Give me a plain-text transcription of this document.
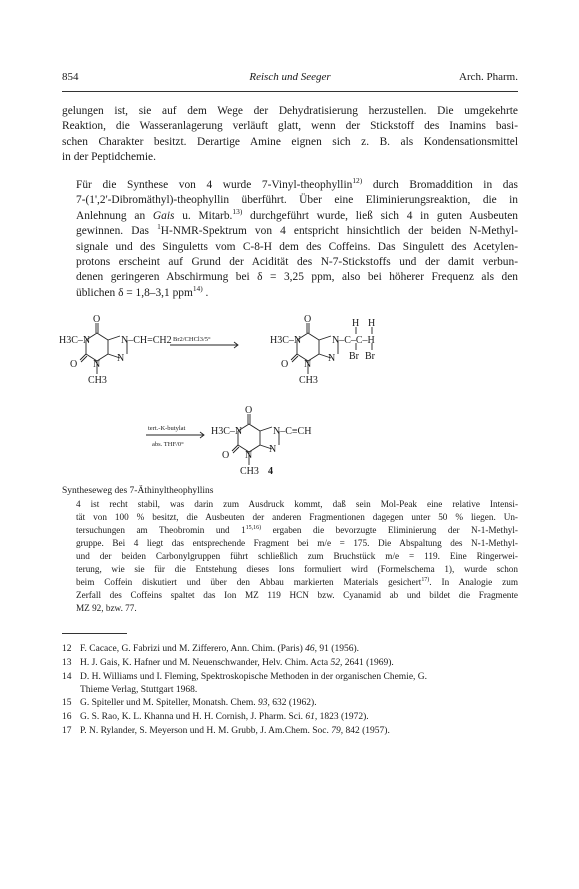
854	Reisch und Seeger	Arch. Pharm.
gelungen ist, sie auf dem Wege der Dehydratisierung herzustellen. Die umgekehrte
Reaktion, die Wasseranlagerung verläuft glatt, wenn der Stickstoff des Inamins basi-
schen Charakter besitzt. Derartige Amine eignen sich z. B. als Kondensationsmittel
in der Peptidchemie.
Für die Synthese von 4 wurde 7-Vinyl-theophyllin$^{12)}$ durch Bromaddition in das
7-(1',2'-Dibromäthyl)-theophyllin überführt. Über eine Eliminierungsreaktion, die in
Anlehnung an Gais u. Mitarb.$^{13)}$ durchgeführt wurde, ließ sich 4 in guten Ausbeuten
gewinnen. Das $^1$H-NMR-Spektrum von 4 entspricht hinsichtlich der beiden N-Methyl-
signale und des Singuletts vom C-8-H dem des Coffeins. Das Singulett des Acetylen-
protons erscheint auf Grund der Acidität des N-7-Stickstoffs und der damit verbun-
denen geringeren Abschirmung bei δ = 3,25 ppm, also bei höherer Frequenz als den
üblichen δ = 1,8–3,1 ppm$^{14)}$ .
O
H3C–N	N–CH=CH2
O N
N
CH3
Br2/CHCl3/5°
O
H3C–N	N–C–C–H
H H
Br Br
O N
N
CH3
tert.-K-butylat
abs. THF/0°
O
H3C–N	N–C≡CH
O N
N
CH3 4
Syntheseweg des 7-Äthinyltheophyllins
4 ist recht stabil, was darin zum Ausdruck kommt, daß sein Mol-Peak eine relative Intensi-
tät von 100 % besitzt, die Ausbeuten der anderen Fragmentionen dagegen unter 50 % liegen. Un-
tersuchungen am Theobromin und 1$^{15,16)}$ ergaben die bevorzugte Eliminierung der N-1-Methyl-
gruppe. Bei 4 liegt das entsprechende Fragment bei m/e = 175. Die Abspaltung des N-1-Methyl-
und der beiden Carbonylgruppen führt schließlich zum Bruchstück m/e = 119. Eine Ringerwei-
terung, wie sie für die Entstehung dieses Ions formuliert wird (Formelschema 1), wurde schon
beim Coffein diskutiert und über den Abbau markierten Materials gesichert$^{17)}$. In Analogie zum
Zerfall des Coffeins spaltet das Ion MZ 119 HCN bzw. Cyanamid ab und bildet die Fragmente
MZ 92, bzw. 77.
12 F. Cacace, G. Fabrizi und M. Zifferero, Ann. Chim. (Paris) 46, 91 (1956).
13 H. J. Gais, K. Hafner und M. Neuenschwander, Helv. Chim. Acta 52, 2641 (1969).
14 D. H. Williams und I. Fleming, Spektroskopische Methoden in der organischen Chemie, G.
Thieme Verlag, Stuttgart 1968.
15 G. Spiteller und M. Spiteller, Monatsh. Chem. 93, 632 (1962).
16 G. S. Rao, K. L. Khanna und H. H. Cornish, J. Pharm. Sci. 61, 1823 (1972).
17 P. N. Rylander, S. Meyerson und H. M. Grubb, J. Am.Chem. Soc. 79, 842 (1957).
